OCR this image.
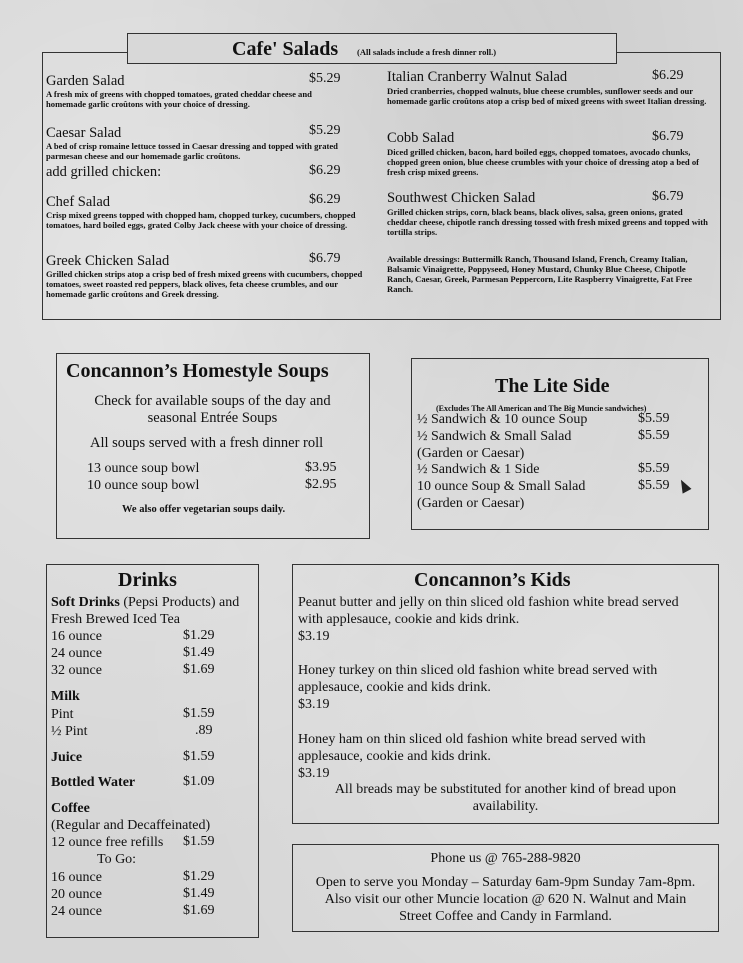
Cafe' Salads (All salads include a fresh dinner roll.)
Garden Salad	$5.29
A fresh mix of greens with chopped tomatoes, grated cheddar cheese and homemade garlic croûtons with your choice of dressing.
Caesar Salad	$5.29
A bed of crisp romaine lettuce tossed in Caesar dressing and topped with grated parmesan cheese and our homemade garlic croûtons.
add grilled chicken:	$6.29
Chef Salad	$6.29
Crisp mixed greens topped with chopped ham, chopped turkey, cucumbers, chopped tomatoes, hard boiled eggs, grated Colby Jack cheese with your choice of dressing.
Greek Chicken Salad	$6.79
Grilled chicken strips atop a crisp bed of fresh mixed greens with cucumbers, chopped tomatoes, sweet roasted red peppers, black olives, feta cheese crumbles, and our homemade garlic croûtons and Greek dressing.
Italian Cranberry Walnut Salad	$6.29
Dried cranberries, chopped walnuts, blue cheese crumbles, sunflower seeds and our homemade garlic croûtons atop a crisp bed of mixed greens with sweet Italian dressing.
Cobb Salad	$6.79
Diced grilled chicken, bacon, hard boiled eggs, chopped tomatoes, avocado chunks, chopped green onion, blue cheese crumbles with your choice of dressing atop a bed of fresh crisp mixed greens.
Southwest Chicken Salad	$6.79
Grilled chicken strips, corn, black beans, black olives, salsa, green onions, grated cheddar cheese, chipotle ranch dressing tossed with fresh mixed greens and topped with tortilla strips.
Available dressings: Buttermilk Ranch, Thousand Island, French, Creamy Italian, Balsamic Vinaigrette, Poppyseed, Honey Mustard, Chunky Blue Cheese, Chipotle Ranch, Caesar, Greek, Parmesan Peppercorn, Lite Raspberry Vinaigrette, Fat Free Ranch.
Concannon’s Homestyle Soups
Check for available soups of the day and
seasonal Entrée Soups
All soups served with a fresh dinner roll
13 ounce soup bowl	$3.95
10 ounce soup bowl	$2.95
We also offer vegetarian soups daily.
The Lite Side
(Excludes The All American and The Big Muncie sandwiches)
½ Sandwich & 10 ounce Soup	$5.59
½ Sandwich & Small Salad	$5.59
(Garden or Caesar)
½ Sandwich & 1 Side	$5.59
10 ounce Soup & Small Salad	$5.59
(Garden or Caesar)
Drinks
Soft Drinks (Pepsi Products) and
Fresh Brewed Iced Tea
16 ounce	$1.29
24 ounce	$1.49
32 ounce	$1.69
Milk
Pint	$1.59
½ Pint	.89
Juice	$1.59
Bottled Water	$1.09
Coffee
(Regular and Decaffeinated)
12 ounce free refills $1.59
To Go:
16 ounce	$1.29
20 ounce	$1.49
24 ounce	$1.69
Concannon’s Kids
Peanut butter and jelly on thin sliced old fashion white bread served
with applesauce, cookie and kids drink.
$3.19
Honey turkey on thin sliced old fashion white bread served with
applesauce, cookie and kids drink.
$3.19
Honey ham on thin sliced old fashion white bread served with
applesauce, cookie and kids drink.
$3.19
All breads may be substituted for another kind of bread upon
availability.
Phone us @ 765-288-9820
Open to serve you Monday – Saturday 6am-9pm Sunday 7am-8pm.
Also visit our other Muncie location @ 620 N. Walnut and Main
Street Coffee and Candy in Farmland.
